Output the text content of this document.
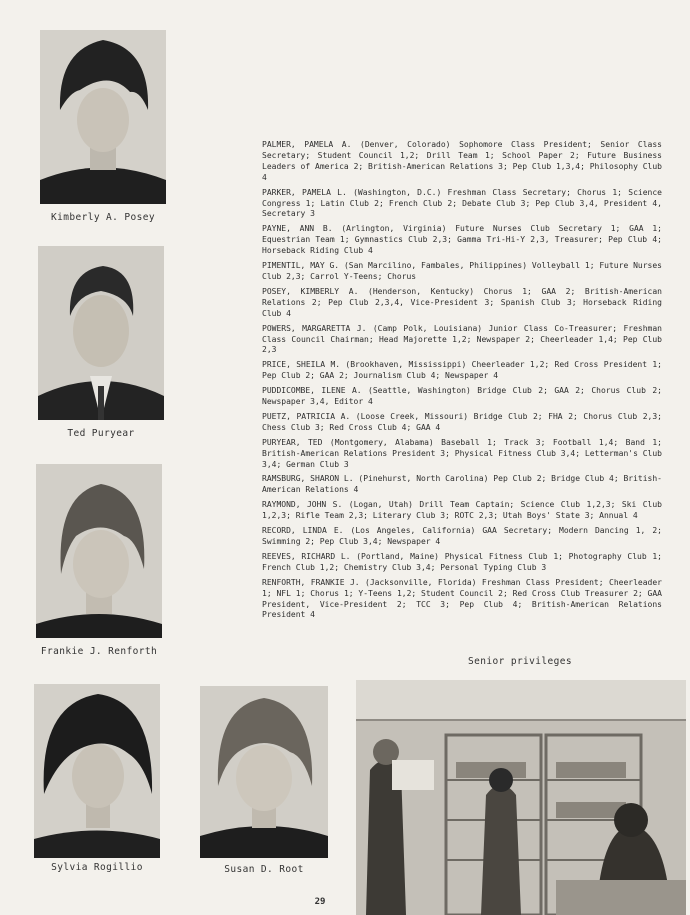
Kimberly A. Posey
Ted Puryear
Frankie J. Renforth
Sylvia Rogillio	Susan D. Root

PALMER, PAMELA A. (Denver, Colorado) Sophomore Class President; Senior Class Secretary; Student Council 1,2; Drill Team 1; School Paper 2; Future Business Leaders of America 2; British-American Relations 3; Pep Club 1,3,4; Philosophy Club 4

PARKER, PAMELA L. (Washington, D.C.) Freshman Class Secretary; Chorus 1; Science Congress 1; Latin Club 2; French Club 2; Debate Club 3; Pep Club 3,4, President 4, Secretary 3

PAYNE, ANN B. (Arlington, Virginia) Future Nurses Club Secretary 1; GAA 1; Equestrian Team 1; Gymnastics Club 2,3; Gamma Tri-Hi-Y 2,3, Treasurer; Pep Club 4; Horseback Riding Club 4

PIMENTIL, MAY G. (San Marcilino, Fambales, Philippines) Volleyball 1; Future Nurses Club 2,3; Carrol Y-Teens; Chorus

POSEY, KIMBERLY A. (Henderson, Kentucky) Chorus 1; GAA 2; British-American Relations 2; Pep Club 2,3,4, Vice-President 3; Spanish Club 3; Horseback Riding Club 4

POWERS, MARGARETTA J. (Camp Polk, Louisiana) Junior Class Co-Treasurer; Freshman Class Council Chairman; Head Majorette 1,2; Newspaper 2; Cheerleader 1,4; Pep Club 2,3

PRICE, SHEILA M. (Brookhaven, Mississippi) Cheerleader 1,2; Red Cross President 1; Pep Club 2; GAA 2; Journalism Club 4; Newspaper 4

PUDDICOMBE, ILENE A. (Seattle, Washington) Bridge Club 2; GAA 2; Chorus Club 2; Newspaper 3,4, Editor 4

PUETZ, PATRICIA A. (Loose Creek, Missouri) Bridge Club 2; FHA 2; Chorus Club 2,3; Chess Club 3; Red Cross Club 4; GAA 4

PURYEAR, TED (Montgomery, Alabama) Baseball 1; Track 3; Football 1,4; Band 1; British-American Relations President 3; Physical Fitness Club 3,4; Letterman's Club 3,4; German Club 3

RAMSBURG, SHARON L. (Pinehurst, North Carolina) Pep Club 2; Bridge Club 4; British-American Relations 4

RAYMOND, JOHN S. (Logan, Utah) Drill Team Captain; Science Club 1,2,3; Ski Club 1,2,3; Rifle Team 2,3; Literary Club 3; ROTC 2,3; Utah Boys' State 3; Annual 4

RECORD, LINDA E. (Los Angeles, California) GAA Secretary; Modern Dancing 1, 2; Swimming 2; Pep Club 3,4; Newspaper 4

REEVES, RICHARD L. (Portland, Maine) Physical Fitness Club 1; Photography Club 1; French Club 1,2; Chemistry Club 3,4; Personal Typing Club 3

RENFORTH, FRANKIE J. (Jacksonville, Florida) Freshman Class President; Cheerleader 1; NFL 1; Chorus 1; Y-Teens 1,2; Student Council 2; Red Cross Club Treasurer 2; GAA President, Vice-President 2; TCC 3; Pep Club 4; British-American Relations President 4

Senior privileges
29
